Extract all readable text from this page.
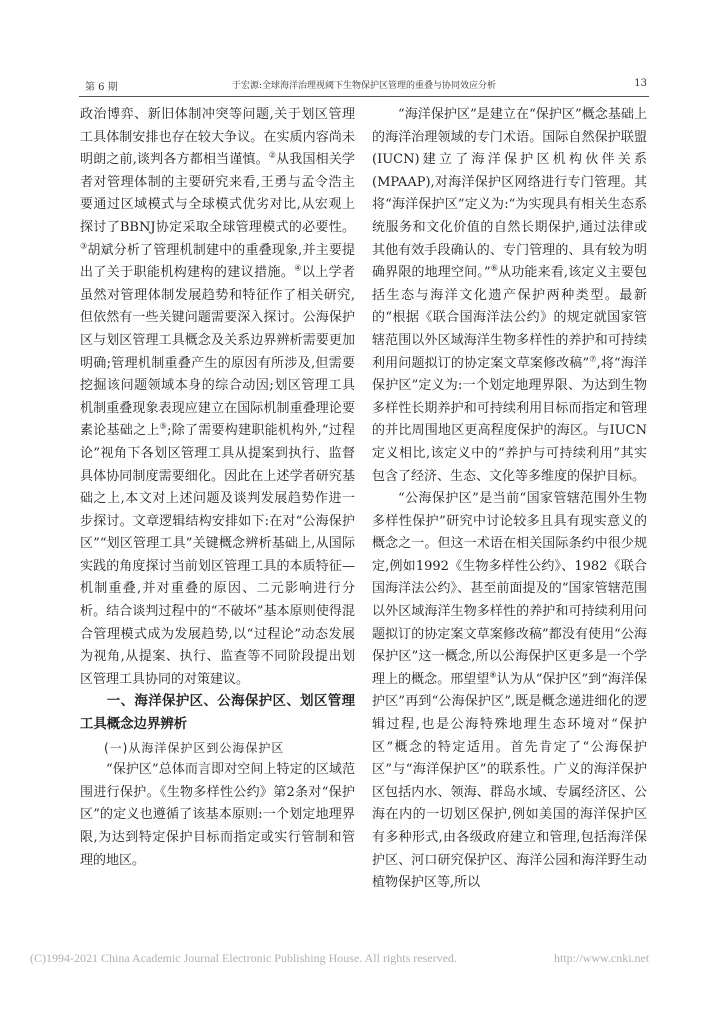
第 6 期	于宏源:全球海洋治理视阈下生物保护区管理的重叠与协同效应分析	13

政治博弈、新旧体制冲突等问题,关于划区管理工具体制安排也存在较大争议。在实质内容尚未明朗之前,谈判各方都相当谨慎。②从我国相关学者对管理体制的主要研究来看,王勇与孟令浩主要通过区域模式与全球模式优劣对比,从宏观上探讨了BBNJ协定采取全球管理模式的必要性。③胡斌分析了管理机制建中的重叠现象,并主要提出了关于职能机构建构的建议措施。④以上学者虽然对管理体制发展趋势和特征作了相关研究,但依然有一些关键问题需要深入探讨。公海保护区与划区管理工具概念及关系边界辨析需要更加明确;管理机制重叠产生的原因有所涉及,但需要挖掘该问题领域本身的综合动因;划区管理工具机制重叠现象表现应建立在国际机制重叠理论要素论基础之上⑤;除了需要构建职能机构外,“过程论”视角下各划区管理工具从提案到执行、监督具体协同制度需要细化。因此在上述学者研究基础之上,本文对上述问题及谈判发展趋势作进一步探讨。文章逻辑结构安排如下:在对“公海保护区”“划区管理工具”关键概念辨析基础上,从国际实践的角度探讨当前划区管理工具的本质特征—机制重叠,并对重叠的原因、二元影响进行分析。结合谈判过程中的“不破坏”基本原则使得混合管理模式成为发展趋势,以“过程论”动态发展为视角,从提案、执行、监查等不同阶段提出划区管理工具协同的对策建议。

一、海洋保护区、公海保护区、划区管理工具概念边界辨析
(一)从海洋保护区到公海保护区

“保护区”总体而言即对空间上特定的区域范围进行保护。《生物多样性公约》第2条对“保护区”的定义也遵循了该基本原则:一个划定地理界限,为达到特定保护目标而指定或实行管制和管理的地区。

“海洋保护区”是建立在“保护区”概念基础上的海洋治理领域的专门术语。国际自然保护联盟(IUCN)建立了海洋保护区机构伙伴关系(MPAAP),对海洋保护区网络进行专门管理。其将“海洋保护区”定义为:“为实现具有相关生态系统服务和文化价值的自然长期保护,通过法律或其他有效手段确认的、专门管理的、具有较为明确界限的地理空间。”⑥从功能来看,该定义主要包括生态与海洋文化遗产保护两种类型。最新的“根据《联合国海洋法公约》的规定就国家管辖范围以外区域海洋生物多样性的养护和可持续利用问题拟订的协定案文草案修改稿”⑦,将“海洋保护区”定义为:一个划定地理界限、为达到生物多样性长期养护和可持续利用目标而指定和管理的并比周围地区更高程度保护的海区。与IUCN定义相比,该定义中的“养护与可持续利用”其实包含了经济、生态、文化等多维度的保护目标。

“公海保护区”是当前“国家管辖范围外生物多样性保护”研究中讨论较多且具有现实意义的概念之一。但这一术语在相关国际条约中很少规定,例如1992《生物多样性公约》、1982《联合国海洋法公约》、甚至前面提及的“国家管辖范围以外区域海洋生物多样性的养护和可持续利用问题拟订的协定案文草案修改稿”都没有使用“公海保护区”这一概念,所以公海保护区更多是一个学理上的概念。邢望望⑧认为从“保护区”到“海洋保护区”再到“公海保护区”,既是概念递进细化的逻辑过程,也是公海特殊地理生态环境对“保护区”概念的特定适用。首先肯定了“公海保护区”与“海洋保护区”的联系性。广义的海洋保护区包括内水、领海、群岛水域、专属经济区、公海在内的一切划区保护,例如美国的海洋保护区有多种形式,由各级政府建立和管理,包括海洋保护区、河口研究保护区、海洋公园和海洋野生动植物保护区等,所以

(C)1994-2021 China Academic Journal Electronic Publishing House. All rights reserved.	http://www.cnki.net
